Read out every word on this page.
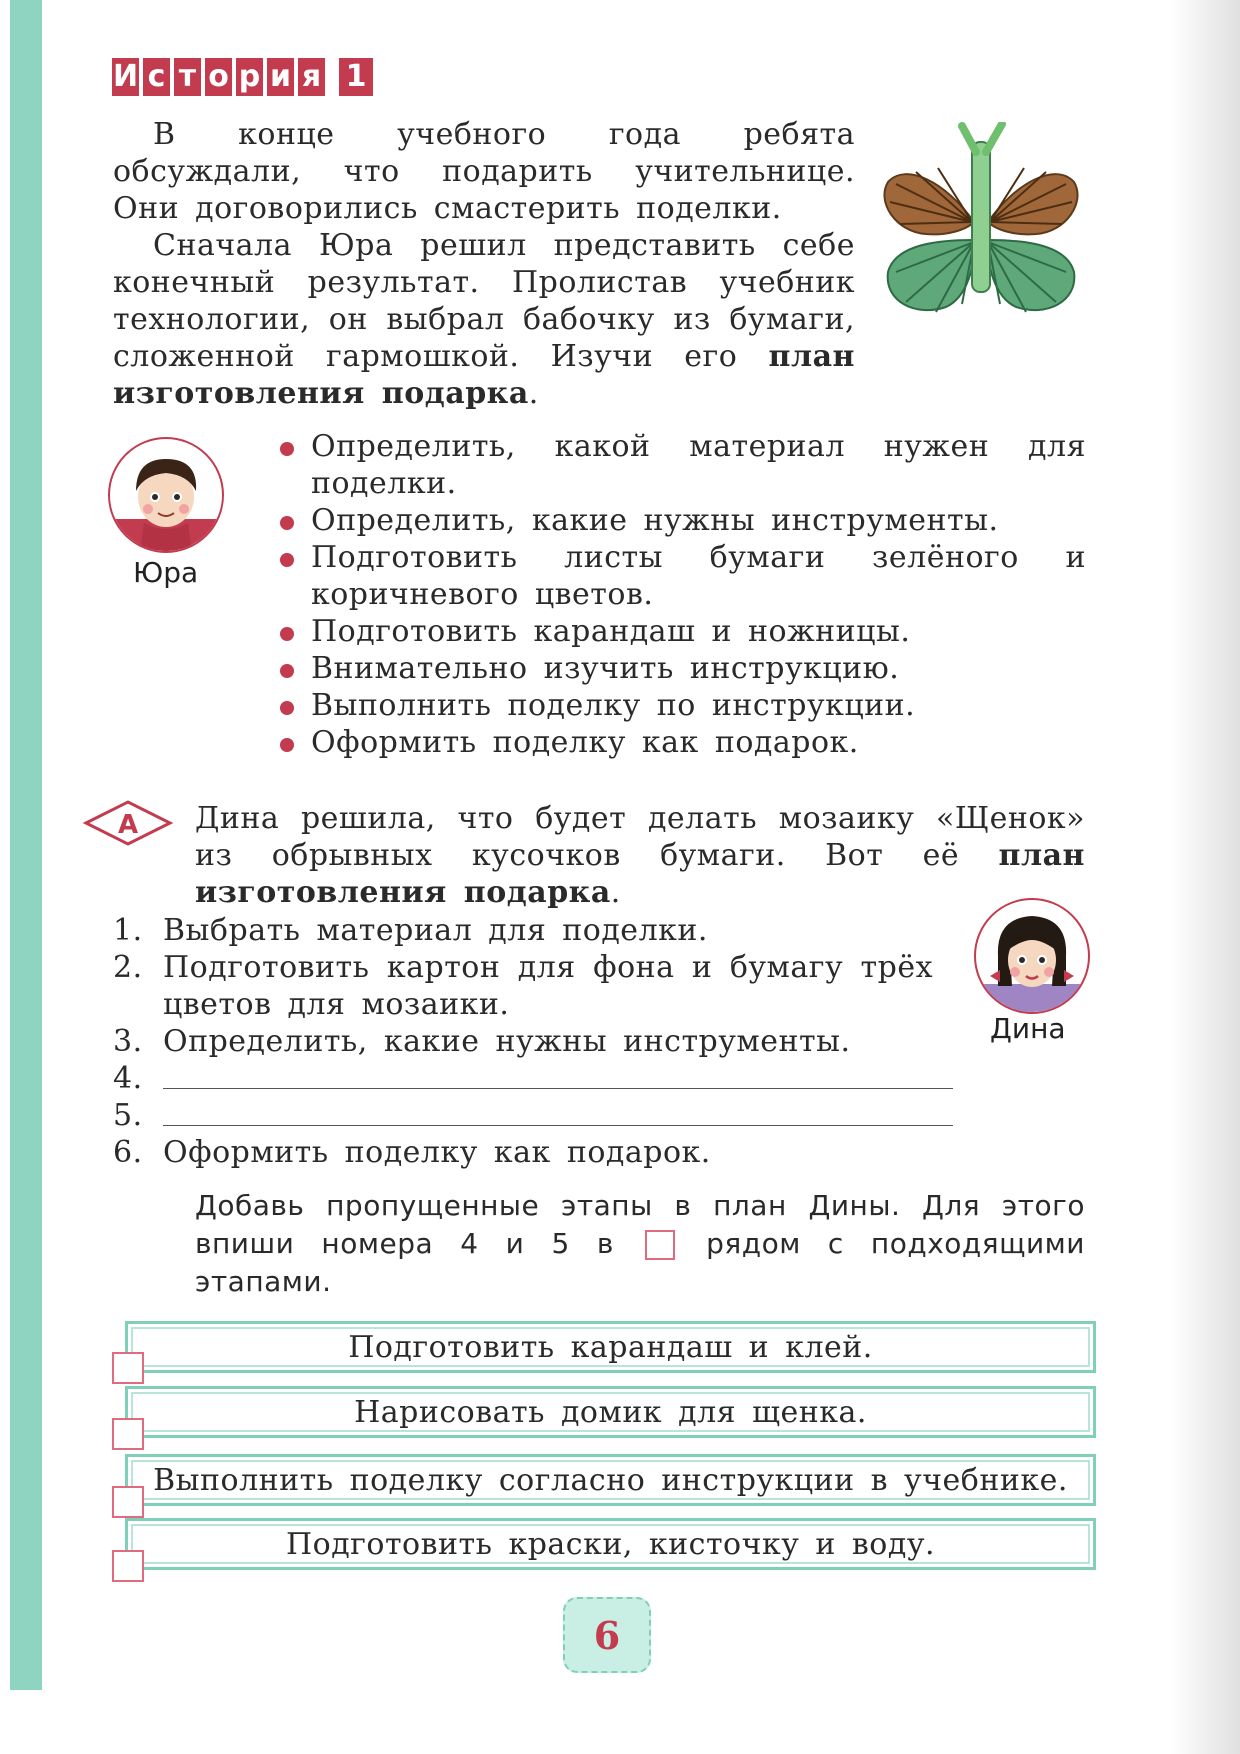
И с т о р и я 1

В конце учебного года ребята обсуждали, что подарить учительнице. Они договорились смастерить поделки.

Сначала Юра решил представить себе конечный результат. Пролистав учебник технологии, он выбрал бабочку из бумаги, сложенной гармошкой. Изучи его план изготовления подарка.

Юра
Определить, какой материал нужен для поделки.
Определить, какие нужны инструменты.
Подготовить листы бумаги зелёного и коричневого цветов.
Подготовить карандаш и ножницы.
Внимательно изучить инструкцию.
Выполнить поделку по инструкции.
Оформить поделку как подарок.
А Дина решила, что будет делать мозаику «Щенок» из обрывных кусочков бумаги. Вот её план изготовления подарка.
Дина
1. Выбрать материал для поделки.
2. Подготовить картон для фона и бумагу трёх цветов для мозаики.
3. Определить, какие нужны инструменты.
4.
5.
6. Оформить поделку как подарок.
Добавь пропущенные этапы в план Дины. Для этого впиши номера 4 и 5 в	рядом с подходящими этапами.
Подготовить карандаш и клей.
Нарисовать домик для щенка.
Выполнить поделку согласно инструкции в учебнике.
Подготовить краски, кисточку и воду.
6
